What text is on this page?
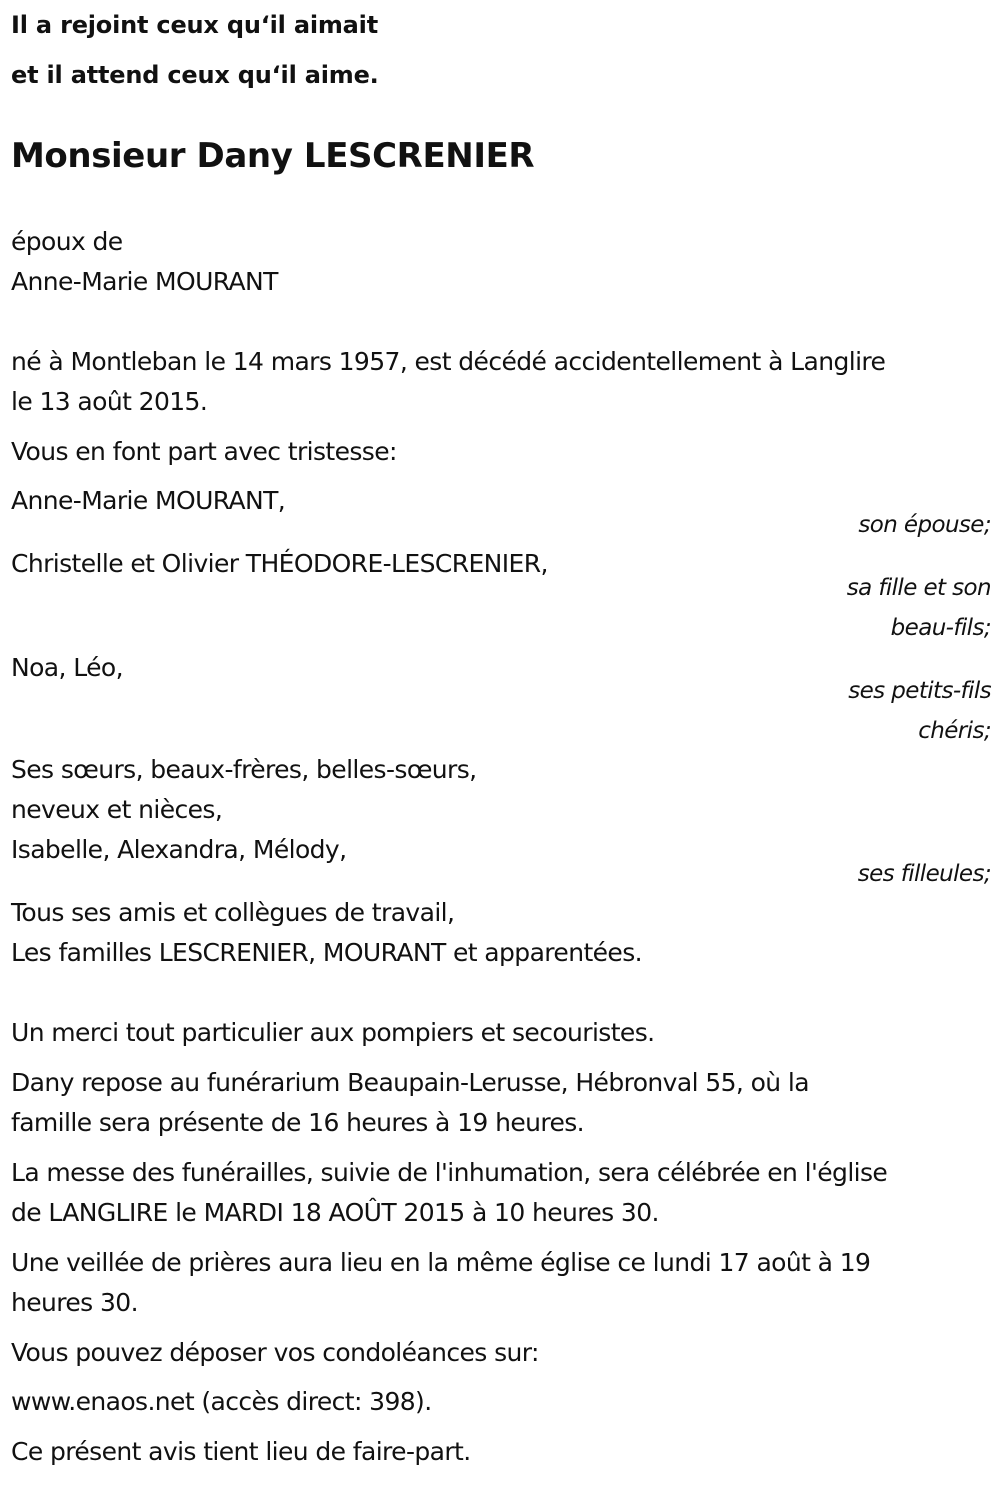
Il a rejoint ceux qu‘il aimait
et il attend ceux qu‘il aime.
Monsieur Dany LESCRENIER
époux de
Anne-Marie MOURANT
né à Montleban le 14 mars 1957, est décédé accidentellement à Langlire
le 13 août 2015.
Vous en font part avec tristesse:
Anne-Marie MOURANT,
son épouse;
Christelle et Olivier THÉODORE-LESCRENIER,
sa fille et son
beau-fils;
Noa, Léo,
ses petits-fils
chéris;
Ses sœurs, beaux-frères, belles-sœurs,
neveux et nièces,
Isabelle, Alexandra, Mélody,
ses filleules;
Tous ses amis et collègues de travail,
Les familles LESCRENIER, MOURANT et apparentées.
Un merci tout particulier aux pompiers et secouristes.
Dany repose au funérarium Beaupain-Lerusse, Hébronval 55, où la
famille sera présente de 16 heures à 19 heures.
La messe des funérailles, suivie de l'inhumation, sera célébrée en l'église
de LANGLIRE le MARDI 18 AOÛT 2015 à 10 heures 30.
Une veillée de prières aura lieu en la même église ce lundi 17 août à 19
heures 30.
Vous pouvez déposer vos condoléances sur:
www.enaos.net (accès direct: 398).
Ce présent avis tient lieu de faire-part.
